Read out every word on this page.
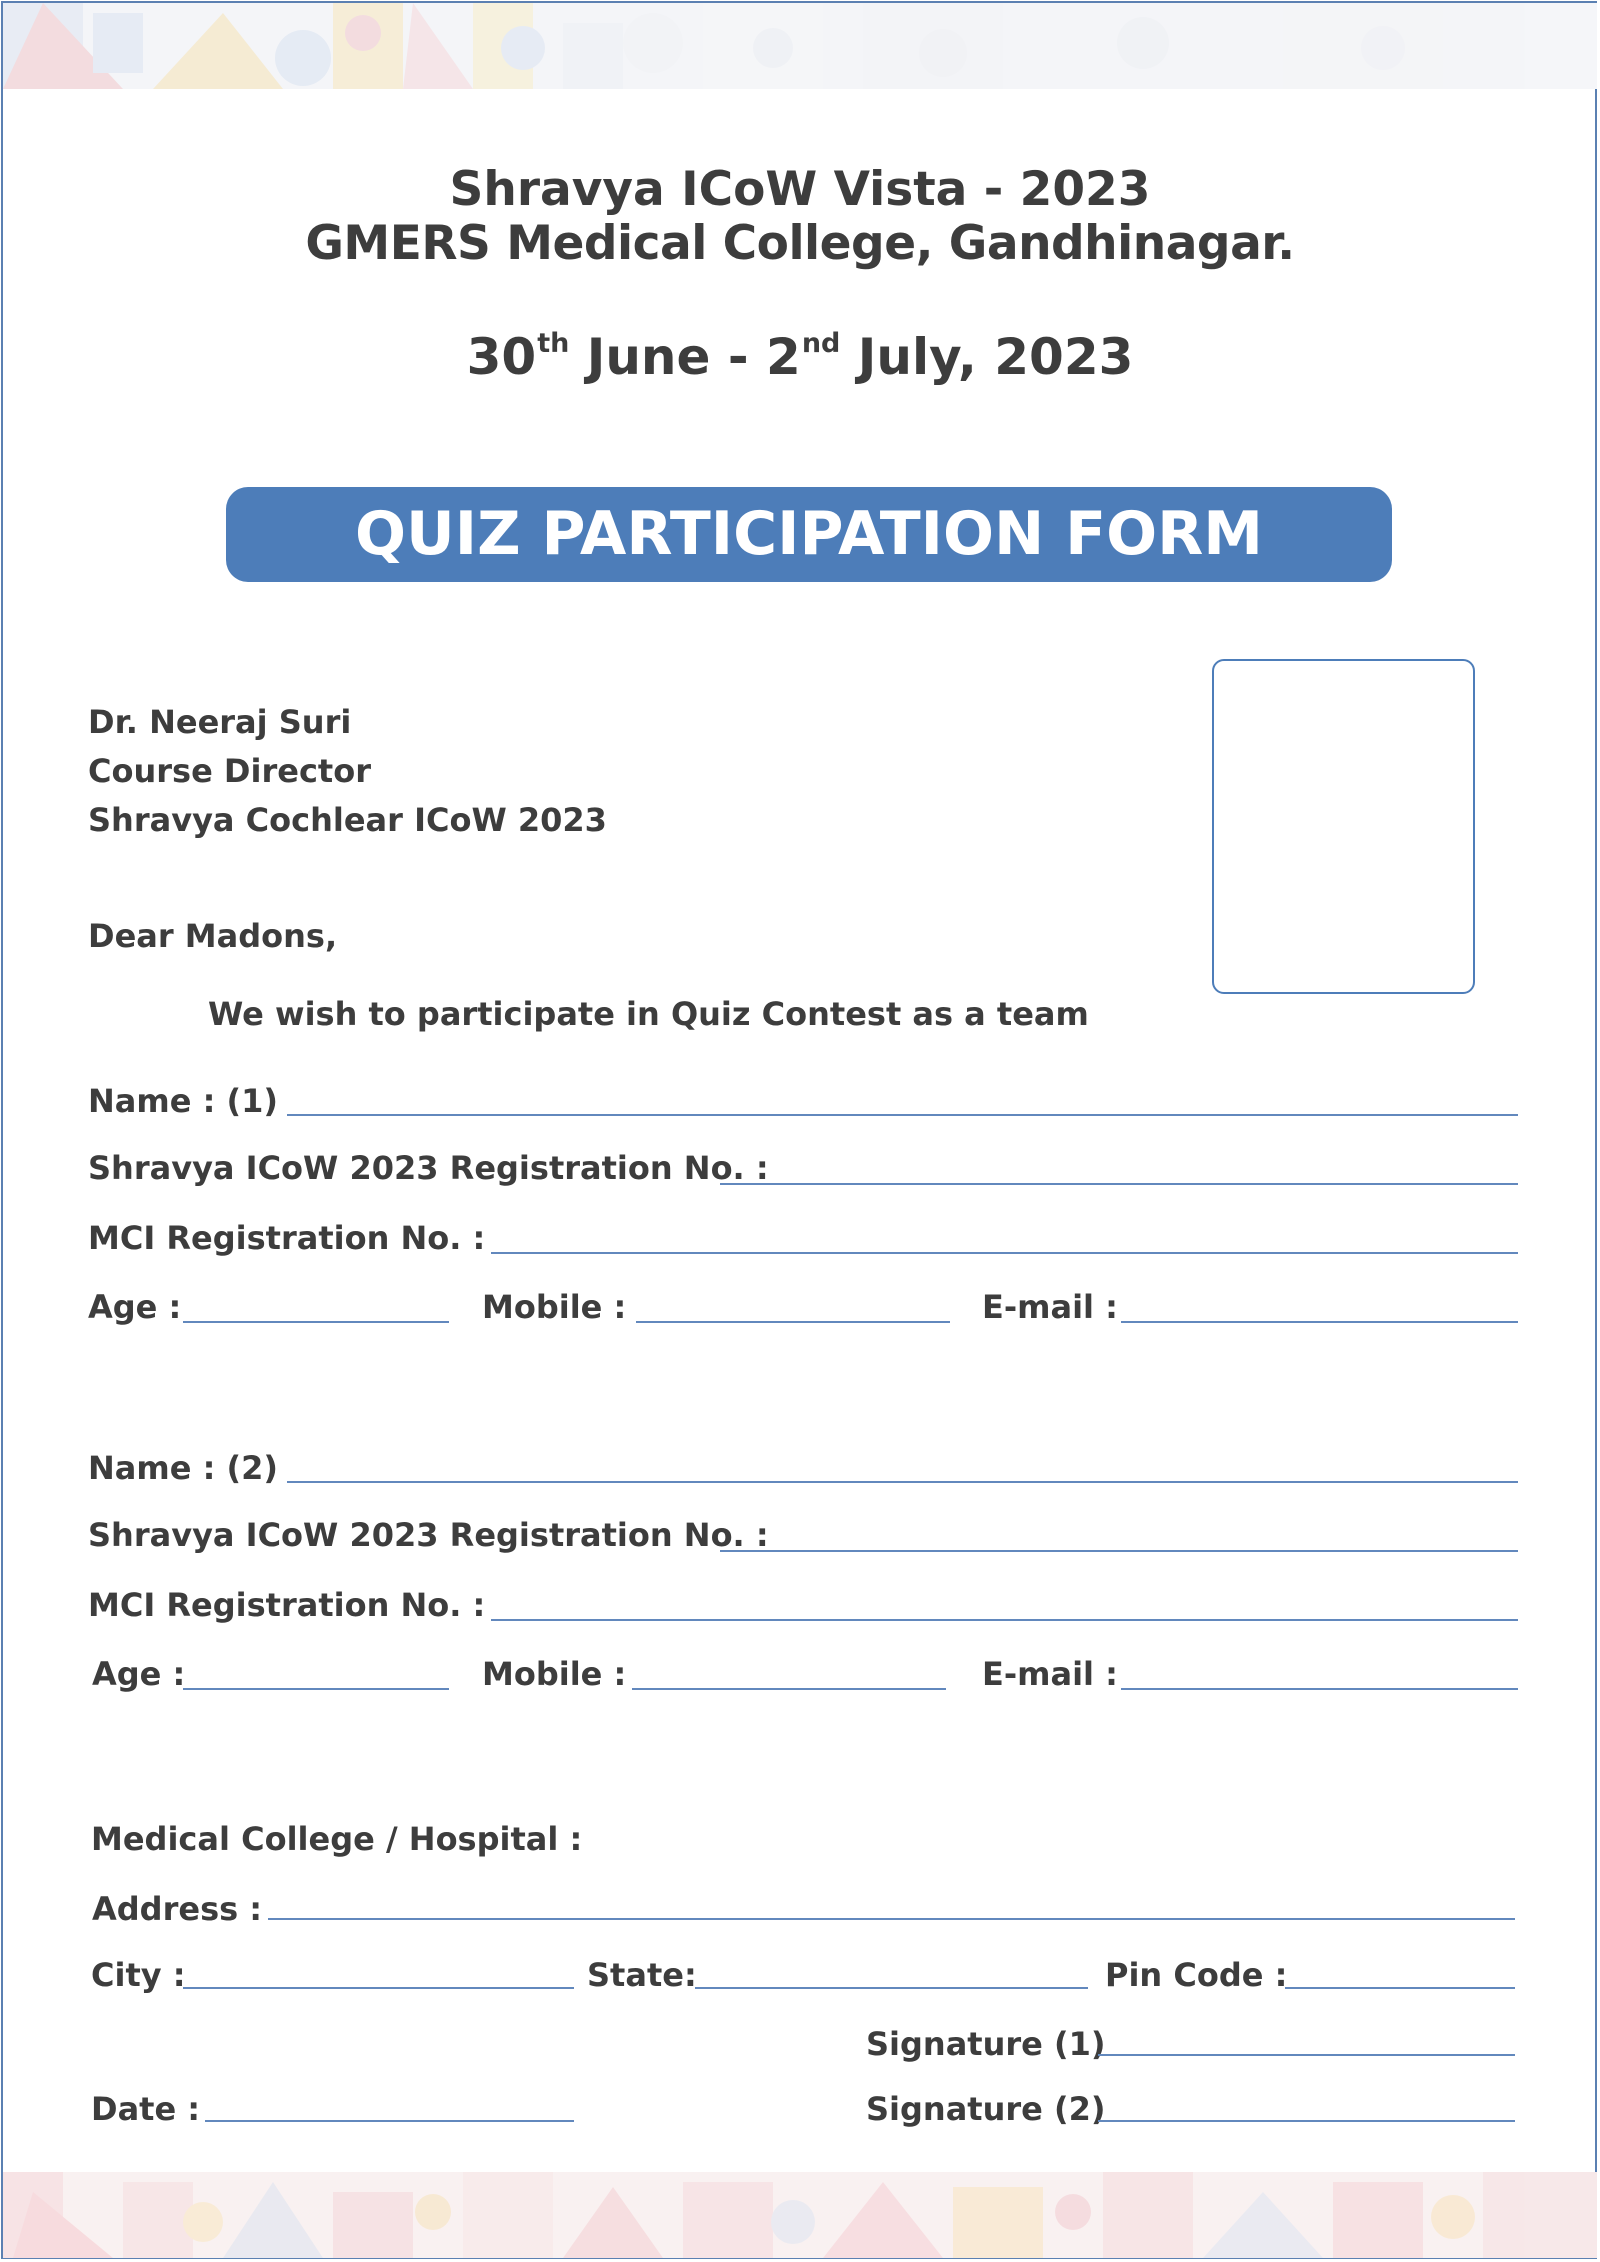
Shravya ICoW Vista - 2023
GMERS Medical College, Gandhinagar.
30th June - 2nd July, 2023
QUIZ PARTICIPATION FORM
Dr. Neeraj Suri
Course Director
Shravya Cochlear ICoW 2023
Dear Madons,
We wish to participate in Quiz Contest as a team
Name : (1)
Shravya ICoW 2023 Registration No. :
MCI Registration No. :
Age :	Mobile :	E-mail :
Name : (2)
Shravya ICoW 2023 Registration No. :
MCI Registration No. :
Age :	Mobile :	E-mail :
Medical College / Hospital :
Address :
City :	State:	Pin Code :
Signature (1)
Date :	Signature (2)
